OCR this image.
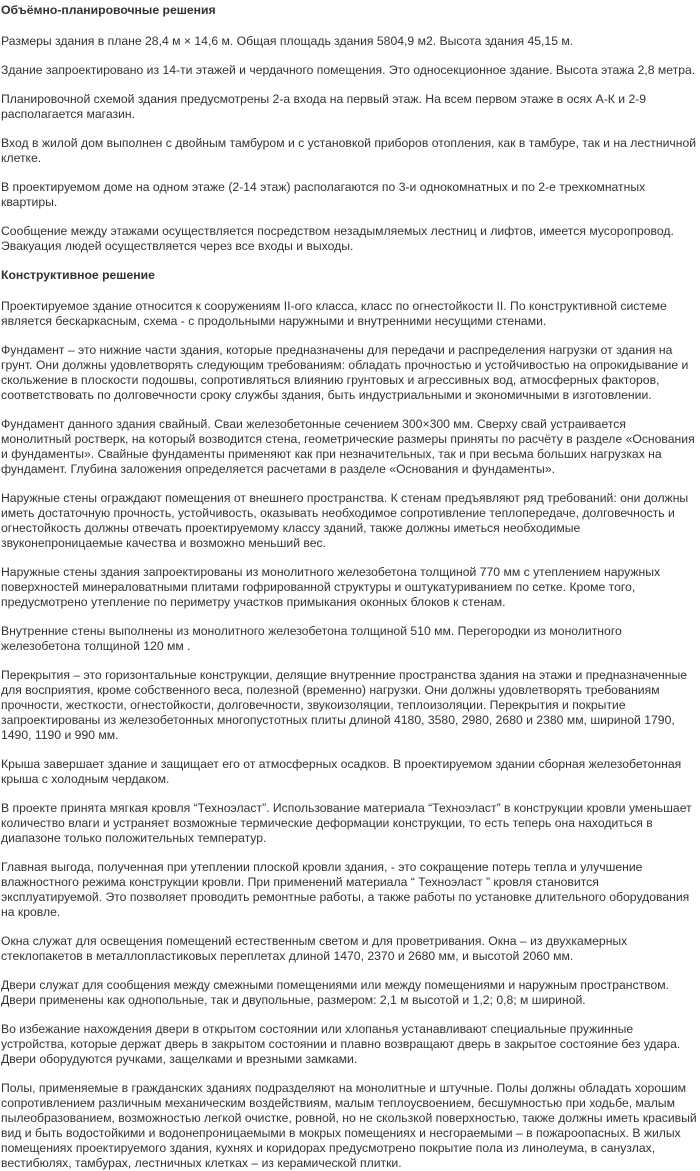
Объёмно-планировочные решения

Размеры здания в плане 28,4 м × 14,6 м. Общая площадь здания 5804,9 м2. Высота здания 45,15 м.

Здание запроектировано из 14-ти этажей и чердачного помещения. Это односекционное здание. Высота этажа 2,8 метра.

Планировочной схемой здания предусмотрены 2-а входа на первый этаж. На всем первом этаже в осях А-К и 2-9 располагается магазин.

Вход в жилой дом выполнен с двойным тамбуром и с установкой приборов отопления, как в тамбуре, так и на лестничной клетке.

В проектируемом доме на одном этаже (2-14 этаж) располагаются по 3-и однокомнатных и по 2-е трехкомнатных квартиры.

Сообщение между этажами осуществляется посредством незадымляемых лестниц и лифтов, имеется мусоропровод. Эвакуация людей осуществляется через все входы и выходы.

Конструктивное решение

Проектируемое здание относится к сооружениям II-ого класса, класс по огнестойкости II. По конструктивной системе является бескаркасным, схема - с продольными наружными и внутренними несущими стенами.

Фундамент – это нижние части здания, которые предназначены для передачи и распределения нагрузки от здания на грунт. Они должны удовлетворять следующим требованиям: обладать прочностью и устойчивостью на опрокидывание и скольжение в плоскости подошвы, сопротивляться влиянию грунтовых и агрессивных вод, атмосферных факторов, соответствовать по долговечности сроку службы здания, быть индустриальными и экономичными в изготовлении.

Фундамент данного здания свайный. Сваи железобетонные сечением 300×300 мм. Сверху свай устраивается монолитный ростверк, на который возводится стена, геометрические размеры приняты по расчёту в разделе «Основания и фундаменты». Свайные фундаменты применяют как при незначительных, так и при весьма больших нагрузках на фундамент. Глубина заложения определяется расчетами в разделе «Основания и фундаменты».

Наружные стены ограждают помещения от внешнего пространства. К стенам предъявляют ряд требований: они должны иметь достаточную прочность, устойчивость, оказывать необходимое сопротивление теплопередаче, долговечность и огнестойкость должны отвечать проектируемому классу зданий, также должны иметься необходимые звуконепроницаемые качества и возможно меньший вес.

Наружные стены здания запроектированы из монолитного железобетона толщиной 770 мм с утеплением наружных поверхностей минераловатными плитами гофрированной структуры и оштукатуриванием по сетке. Кроме того, предусмотрено утепление по периметру участков примыкания оконных блоков к стенам.

Внутренние стены выполнены из монолитного железобетона толщиной 510 мм. Перегородки из монолитного железобетона толщиной 120 мм .

Перекрытия – это горизонтальные конструкции, делящие внутренние пространства здания на этажи и предназначенные для восприятия, кроме собственного веса, полезной (временно) нагрузки. Они должны удовлетворять требованиям прочности, жесткости, огнестойкости, долговечности, звукоизоляции, теплоизоляции. Перекрытия и покрытие запроектированы из железобетонных многопустотных плиты длиной 4180, 3580, 2980, 2680 и 2380 мм, шириной 1790, 1490, 1190 и 990 мм.

Крыша завершает здание и защищает его от атмосферных осадков. В проектируемом здании сборная железобетонная крыша с холодным чердаком.

В проекте принята мягкая кровля “Техноэласт”. Использование материала “Техноэласт” в конструкции кровли уменьшает количество влаги и устраняет возможные термические деформации конструкции, то есть теперь она находиться в диапазоне только положительных температур.

Главная выгода, полученная при утеплении плоской кровли здания, - это сокращение потерь тепла и улучшение влажностного режима конструкции кровли. При применений материала “ Техноэласт ” кровля становится эксплуатируемой. Это позволяет проводить ремонтные работы, а также работы по установке длительного оборудования на кровле.

Окна служат для освещения помещений естественным светом и для проветривания. Окна – из двухкамерных стеклопакетов в металлопластиковых переплетах длиной 1470, 2370 и 2680 мм, и высотой 2060 мм.

Двери служат для сообщения между смежными помещениями или между помещениями и наружным пространством. Двери применены как однопольные, так и двупольные, размером: 2,1 м высотой и 1,2; 0,8; м шириной.

Во избежание нахождения двери в открытом состоянии или хлопанья устанавливают специальные пружинные устройства, которые держат дверь в закрытом состоянии и плавно возвращают дверь в закрытое состояние без удара. Двери оборудуются ручками, защелками и врезными замками.

Полы, применяемые в гражданских зданиях подразделяют на монолитные и штучные. Полы должны обладать хорошим сопротивлением различным механическим воздействиям, малым теплоусвоением, бесшумностью при ходьбе, малым пылеобразованием, возможностью легкой очистке, ровной, но не скользкой поверхностью, также должны иметь красивый вид и быть водостойкими и водонепроницаемыми в мокрых помещениях и несгораемыми – в пожароопасных. В жилых помещениях проектируемого здания, кухнях и коридорах предусмотрено покрытие пола из линолеума, в санузлах, вестибюлях, тамбурах, лестничных клетках – из керамической плитки.
